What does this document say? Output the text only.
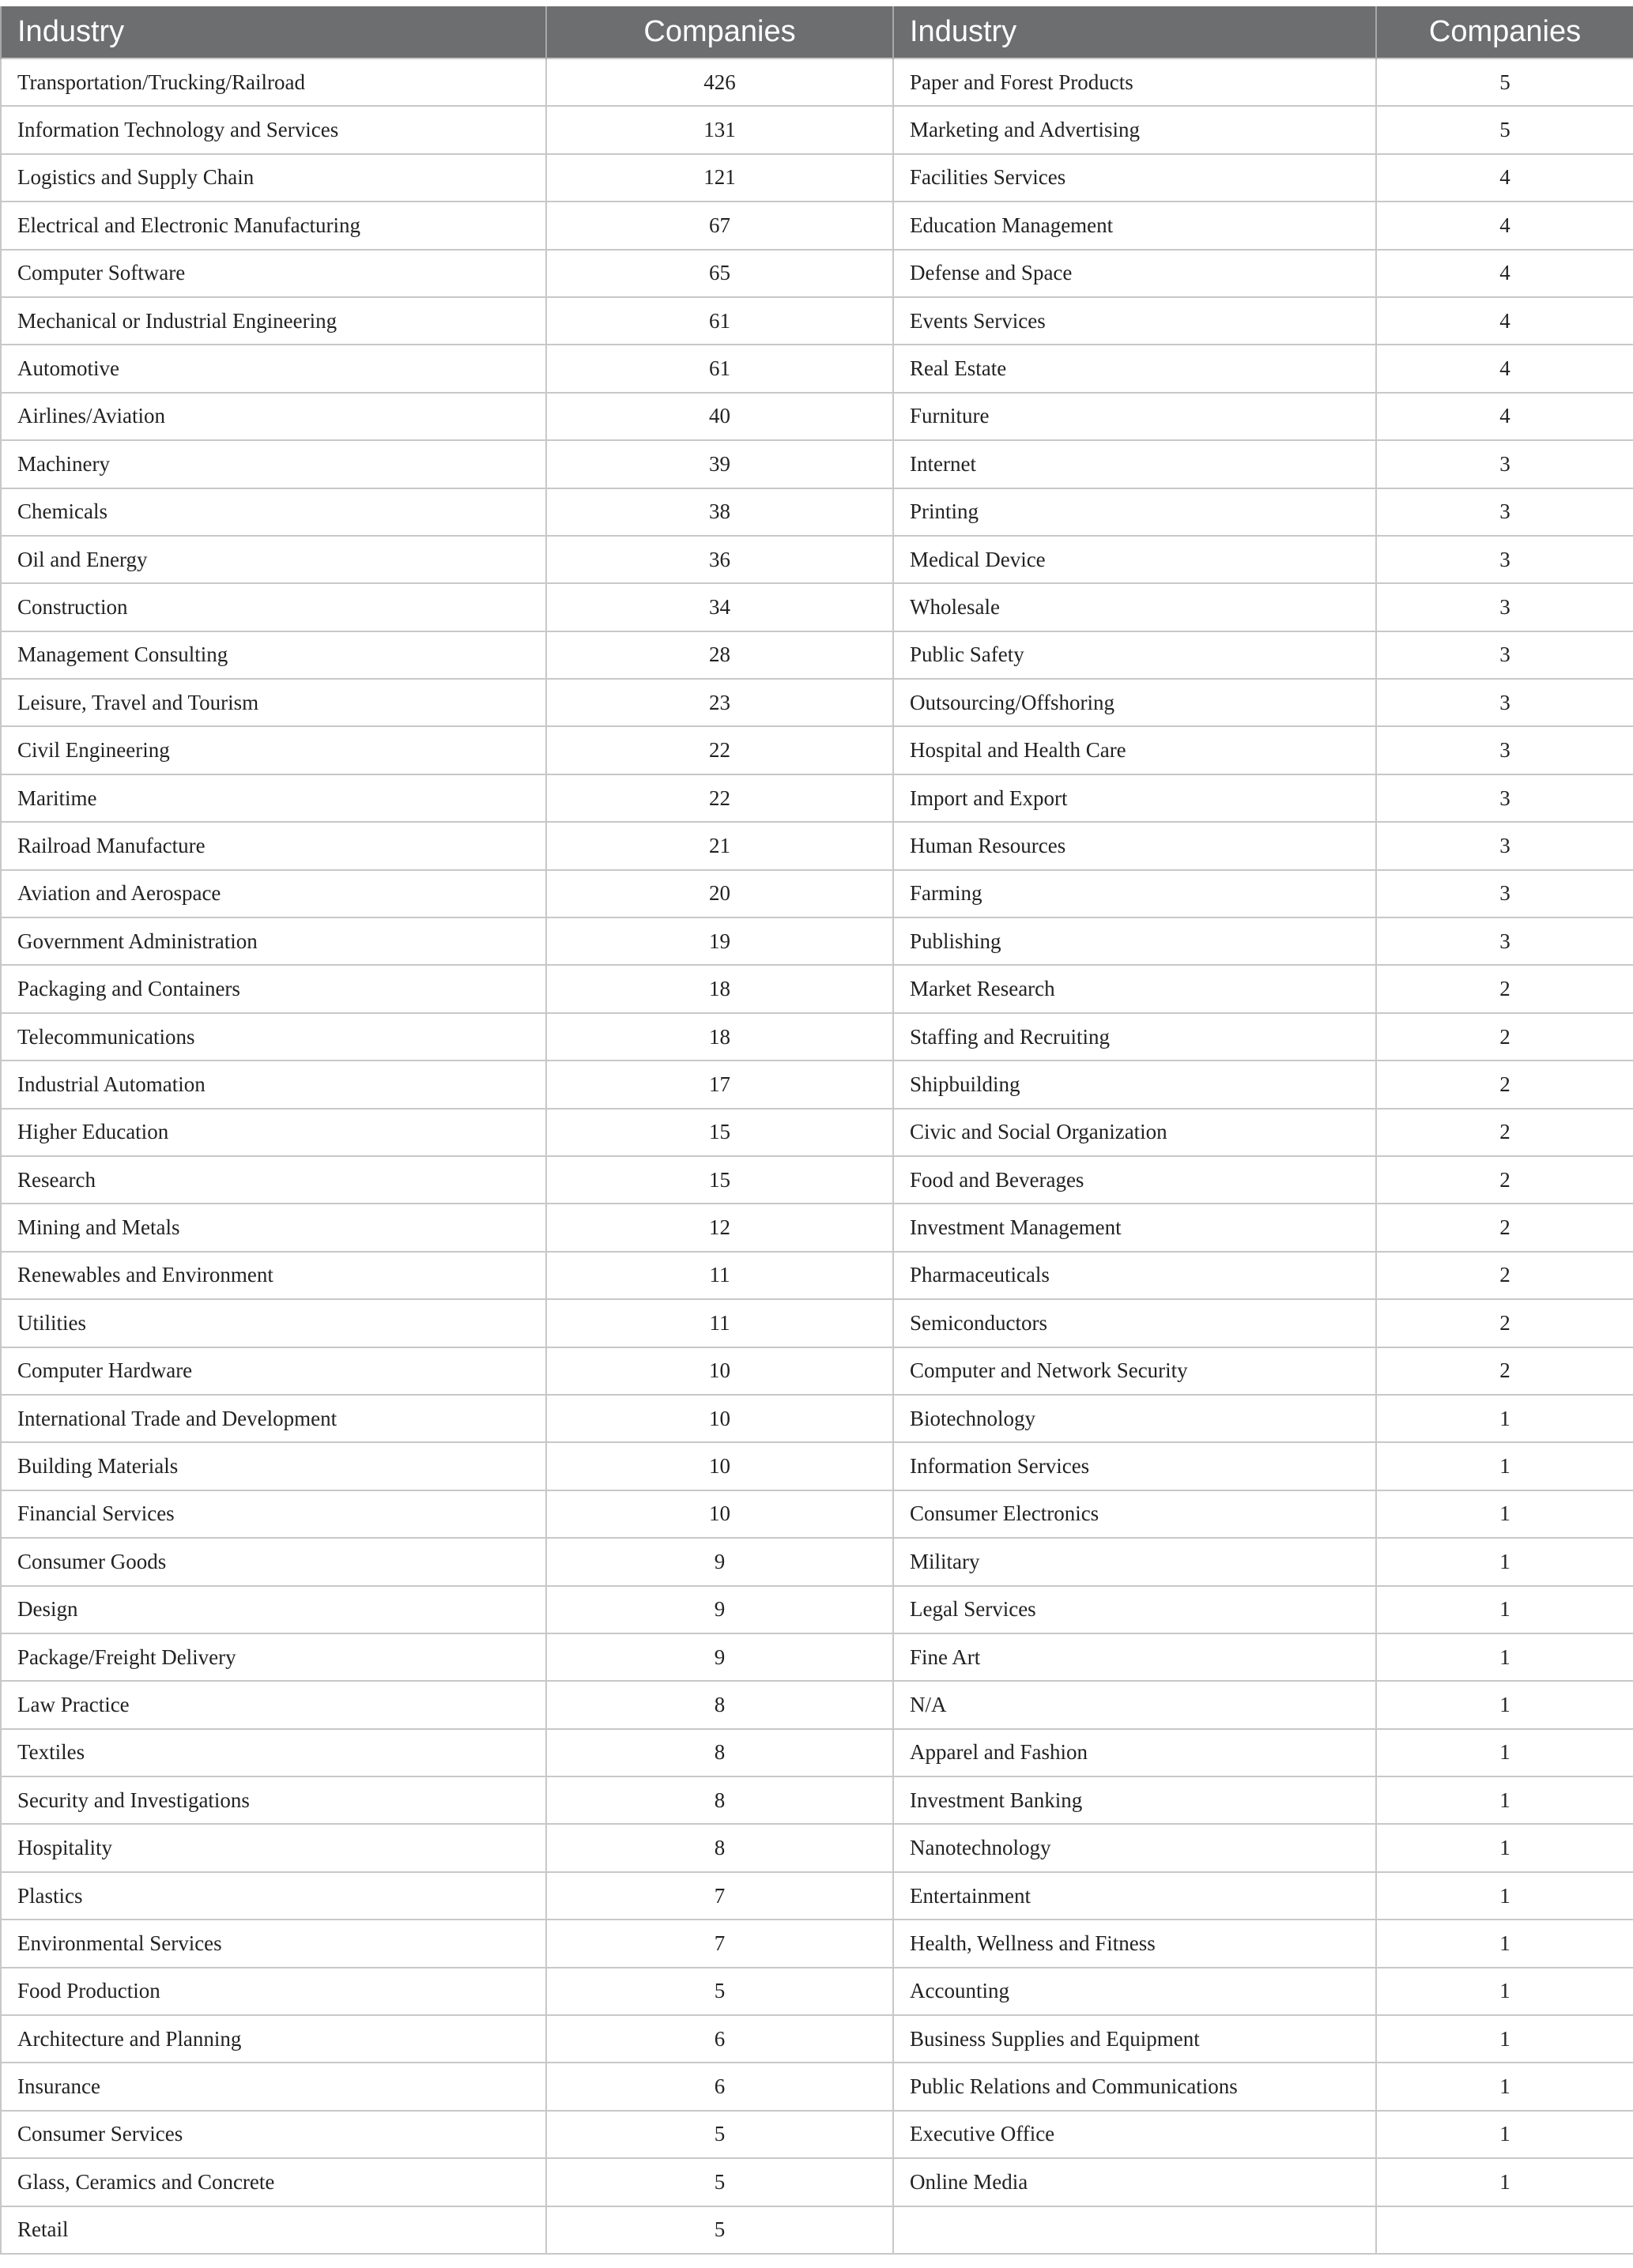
Industry	Companies	Industry	Companies
Transportation/Trucking/Railroad	426	Paper and Forest Products	5
Information Technology and Services	131	Marketing and Advertising	5
Logistics and Supply Chain	121	Facilities Services	4
Electrical and Electronic Manufacturing	67	Education Management	4
Computer Software	65	Defense and Space	4
Mechanical or Industrial Engineering	61	Events Services	4
Automotive	61	Real Estate	4
Airlines/Aviation	40	Furniture	4
Machinery	39	Internet	3
Chemicals	38	Printing	3
Oil and Energy	36	Medical Device	3
Construction	34	Wholesale	3
Management Consulting	28	Public Safety	3
Leisure, Travel and Tourism	23	Outsourcing/Offshoring	3
Civil Engineering	22	Hospital and Health Care	3
Maritime	22	Import and Export	3
Railroad Manufacture	21	Human Resources	3
Aviation and Aerospace	20	Farming	3
Government Administration	19	Publishing	3
Packaging and Containers	18	Market Research	2
Telecommunications	18	Staffing and Recruiting	2
Industrial Automation	17	Shipbuilding	2
Higher Education	15	Civic and Social Organization	2
Research	15	Food and Beverages	2
Mining and Metals	12	Investment Management	2
Renewables and Environment	11	Pharmaceuticals	2
Utilities	11	Semiconductors	2
Computer Hardware	10	Computer and Network Security	2
International Trade and Development	10	Biotechnology	1
Building Materials	10	Information Services	1
Financial Services	10	Consumer Electronics	1
Consumer Goods	9	Military	1
Design	9	Legal Services	1
Package/Freight Delivery	9	Fine Art	1
Law Practice	8	N/A	1
Textiles	8	Apparel and Fashion	1
Security and Investigations	8	Investment Banking	1
Hospitality	8	Nanotechnology	1
Plastics	7	Entertainment	1
Environmental Services	7	Health, Wellness and Fitness	1
Food Production	5	Accounting	1
Architecture and Planning	6	Business Supplies and Equipment	1
Insurance	6	Public Relations and Communications	1
Consumer Services	5	Executive Office	1
Glass, Ceramics and Concrete	5	Online Media	1
Retail	5		
